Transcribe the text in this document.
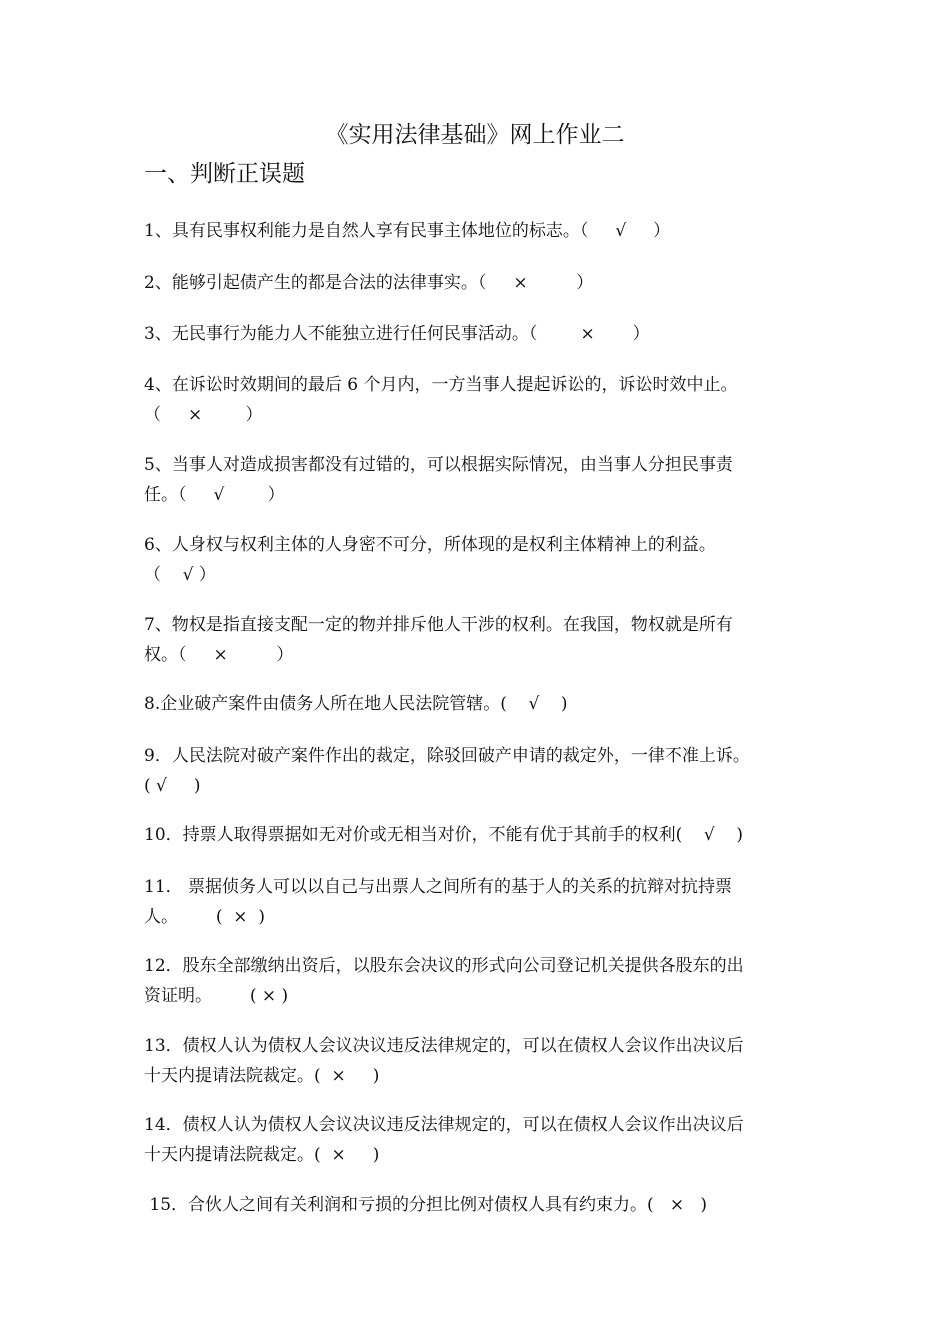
《实用法律基础》网上作业二
一、判断正误题
1、具有民事权利能力是自然人享有民事主体地位的标志。（     √     ）
2、能够引起债产生的都是合法的法律事实。（     ×         ）
3、无民事行为能力人不能独立进行任何民事活动。（        ×       ）
4、在诉讼时效期间的最后 6 个月内，一方当事人提起诉讼的，诉讼时效中止。
（     ×        ）
5、当事人对造成损害都没有过错的，可以根据实际情况，由当事人分担民事责
任。（     √        ）
6、人身权与权利主体的人身密不可分，所体现的是权利主体精神上的利益。
（    √ ）
7、物权是指直接支配一定的物并排斥他人干涉的权利。在我国，物权就是所有
权。（     ×         ）
8.企业破产案件由债务人所在地人民法院管辖。(    √    )
9．人民法院对破产案件作出的裁定，除驳回破产申请的裁定外，一律不准上诉。
( √     )
10．持票人取得票据如无对价或无相当对价，不能有优于其前手的权利(    √    )
11． 票据侦务人可以以自己与出票人之间所有的基于人的关系的抗辩对抗持票
人。       (  ×  )
12．股东全部缴纳出资后，以股东会决议的形式向公司登记机关提供各股东的出
资证明。       ( × )
13．债权人认为债权人会议决议违反法律规定的，可以在债权人会议作出决议后
十天内提请法院裁定。(  ×     )
14．债权人认为债权人会议决议违反法律规定的，可以在债权人会议作出决议后
十天内提请法院裁定。(  ×     )
15．合伙人之间有关利润和亏损的分担比例对债权人具有约束力。(   ×   )
